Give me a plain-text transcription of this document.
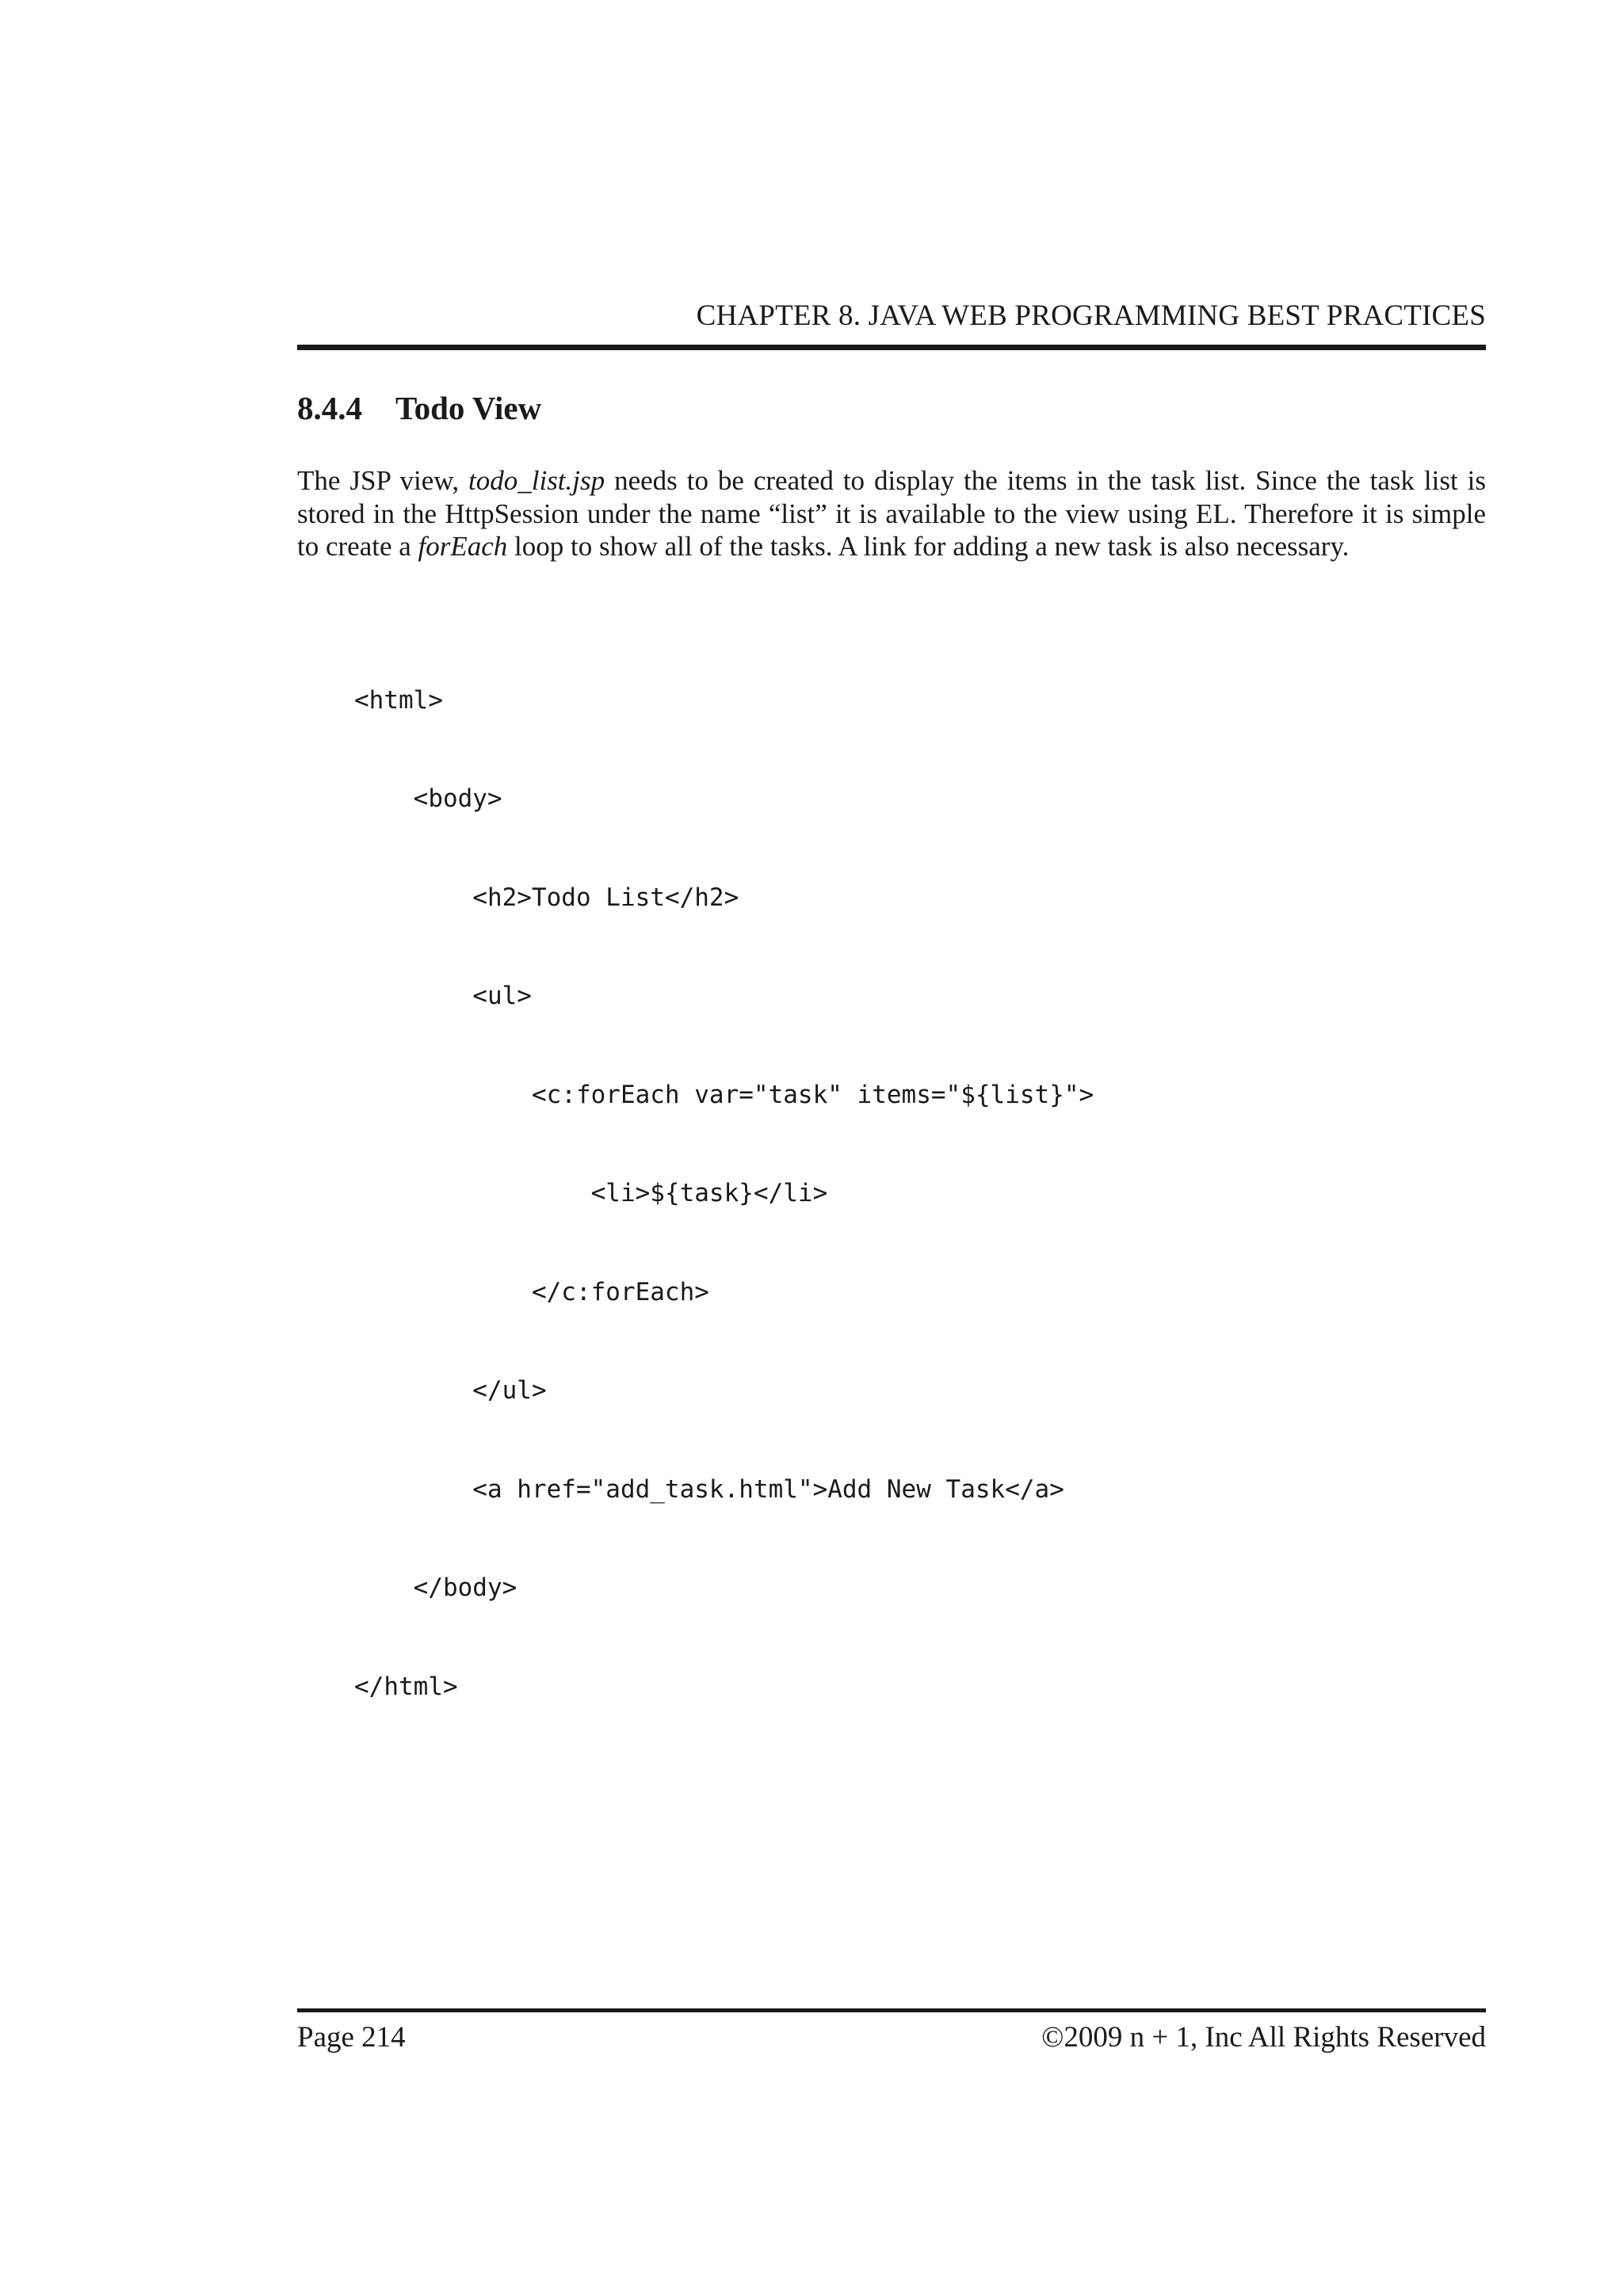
CHAPTER 8. JAVA WEB PROGRAMMING BEST PRACTICES
8.4.4 Todo View

The JSP view, todo_list.jsp needs to be created to display the items in the task list. Since the task list is stored in the HttpSession under the name “list” it is available to the view using EL. Therefore it is simple to create a forEach loop to show all of the tasks. A link for adding a new task is also necessary.

<html>

<body>

<h2>Todo List</h2>

<ul>

<c:forEach var="task" items="${list}">

<li>${task}</li>

</c:forEach>

</ul>

<a href="add_task.html">Add New Task</a>

</body>

</html>

Page 214	©2009 n + 1, Inc All Rights Reserved
